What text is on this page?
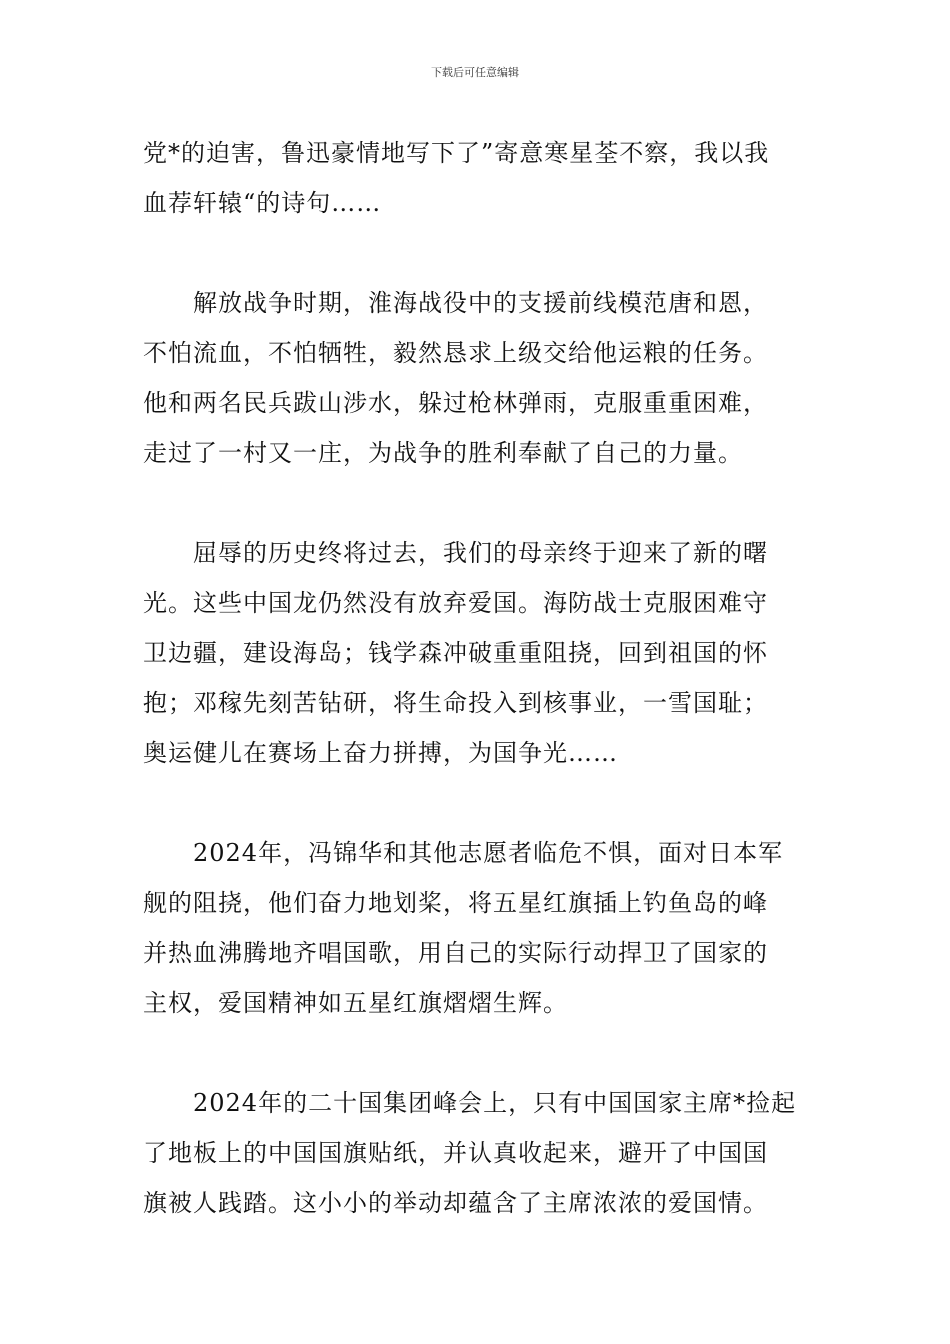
下载后可任意编辑
党*的迫害，鲁迅豪情地写下了”寄意寒星荃不察，我以我
血荐轩辕“的诗句……
　　解放战争时期，淮海战役中的支援前线模范唐和恩，
不怕流血，不怕牺牲，毅然恳求上级交给他运粮的任务。
他和两名民兵跋山涉水，躲过枪林弹雨，克服重重困难，
走过了一村又一庄，为战争的胜利奉献了自己的力量。
　　屈辱的历史终将过去，我们的母亲终于迎来了新的曙
光。这些中国龙仍然没有放弃爱国。海防战士克服困难守
卫边疆，建设海岛；钱学森冲破重重阻挠，回到祖国的怀
抱；邓稼先刻苦钻研，将生命投入到核事业，一雪国耻；
奥运健儿在赛场上奋力拼搏，为国争光……
　　2024年，冯锦华和其他志愿者临危不惧，面对日本军
舰的阻挠，他们奋力地划桨，将五星红旗插上钓鱼岛的峰
并热血沸腾地齐唱国歌，用自己的实际行动捍卫了国家的
主权，爱国精神如五星红旗熠熠生辉。
　　2024年的二十国集团峰会上，只有中国国家主席*捡起
了地板上的中国国旗贴纸，并认真收起来，避开了中国国
旗被人践踏。这小小的举动却蕴含了主席浓浓的爱国情。
